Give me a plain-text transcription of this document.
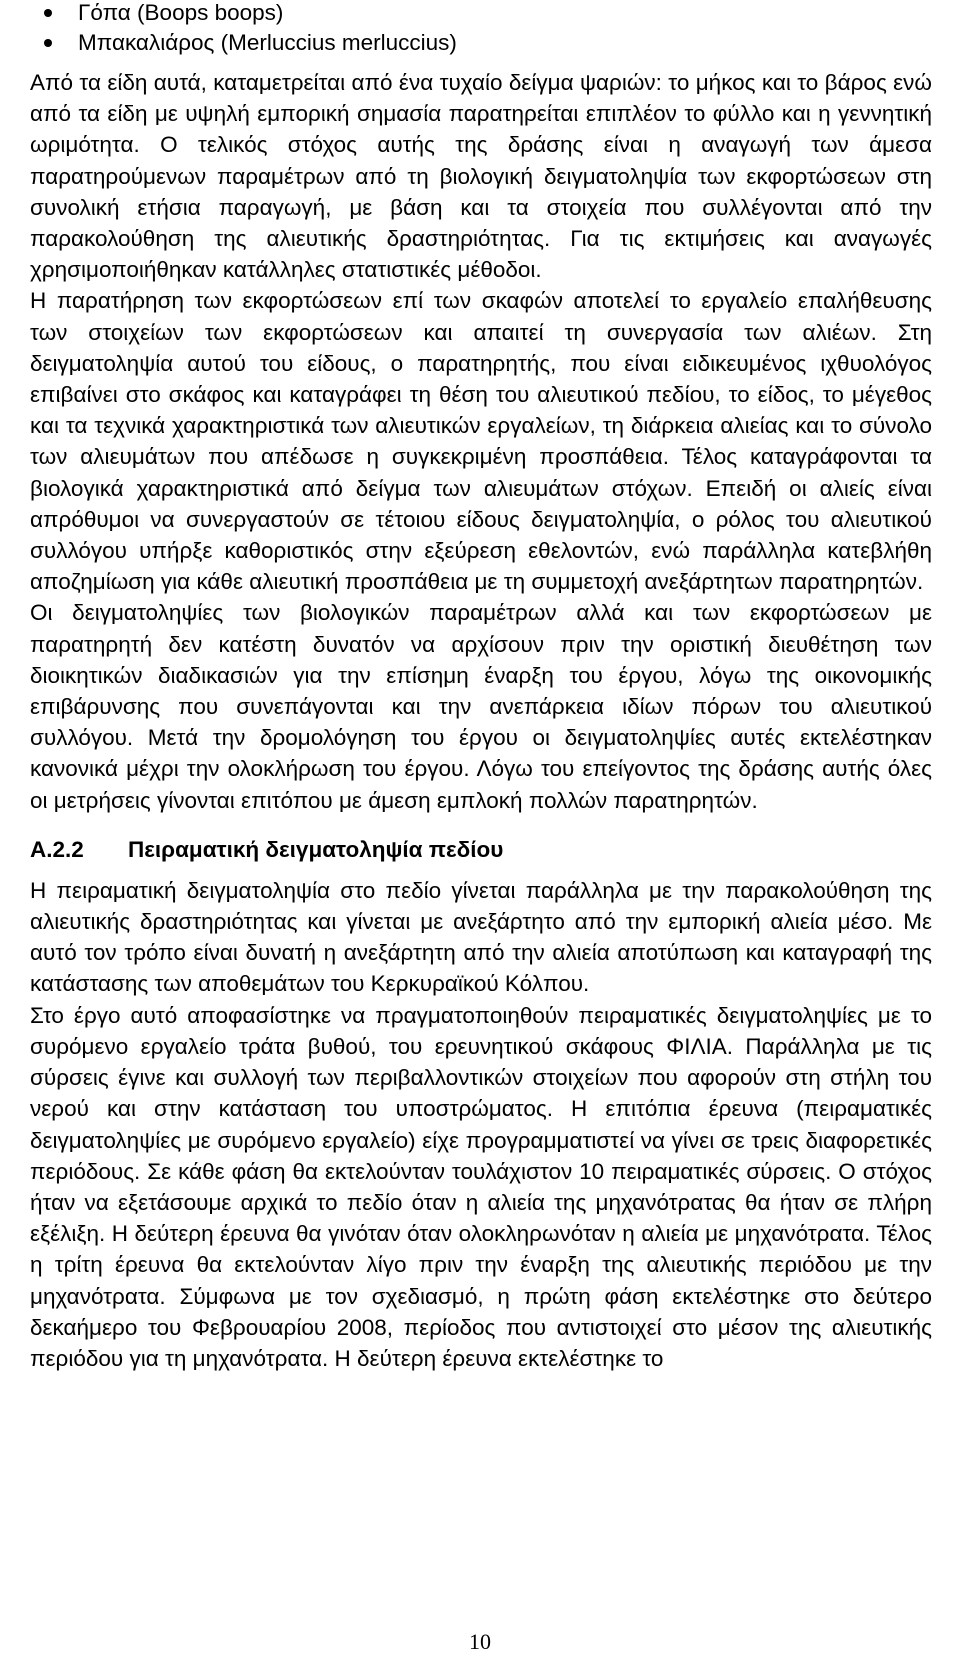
Γόπα (Boops boops)
Μπακαλιάρος (Merluccius merluccius)

Από τα είδη αυτά, καταμετρείται από ένα τυχαίο δείγμα ψαριών: το μήκος και το βάρος ενώ από τα είδη με υψηλή εμπορική σημασία παρατηρείται επιπλέον το φύλλο και η γεννητική ωριμότητα. Ο τελικός στόχος αυτής της δράσης είναι η αναγωγή των άμεσα παρατηρούμενων παραμέτρων από τη βιολογική δειγματοληψία των εκφορτώσεων στη συνολική ετήσια παραγωγή, με βάση και τα στοιχεία που συλλέγονται από την παρακολούθηση της αλιευτικής δραστηριότητας. Για τις εκτιμήσεις και αναγωγές χρησιμοποιήθηκαν κατάλληλες στατιστικές μέθοδοι.

Η παρατήρηση των εκφορτώσεων επί των σκαφών αποτελεί το εργαλείο επαλήθευσης των στοιχείων των εκφορτώσεων και απαιτεί τη συνεργασία των αλιέων. Στη δειγματοληψία αυτού του είδους, ο παρατηρητής, που είναι ειδικευμένος ιχθυολόγος επιβαίνει στο σκάφος και καταγράφει τη θέση του αλιευτικού πεδίου, το είδος, το μέγεθος και τα τεχνικά χαρακτηριστικά των αλιευτικών εργαλείων, τη διάρκεια αλιείας και το σύνολο των αλιευμάτων που απέδωσε η συγκεκριμένη προσπάθεια. Τέλος καταγράφονται τα βιολογικά χαρακτηριστικά από δείγμα των αλιευμάτων στόχων. Επειδή οι αλιείς είναι απρόθυμοι να συνεργαστούν σε τέτοιου είδους δειγματοληψία, ο ρόλος του αλιευτικού συλλόγου υπήρξε καθοριστικός στην εξεύρεση εθελοντών, ενώ παράλληλα κατεβλήθη αποζημίωση για κάθε αλιευτική προσπάθεια με τη συμμετοχή ανεξάρτητων παρατηρητών.

Οι δειγματοληψίες των βιολογικών παραμέτρων αλλά και των εκφορτώσεων με παρατηρητή δεν κατέστη δυνατόν να αρχίσουν πριν την οριστική διευθέτηση των διοικητικών διαδικασιών για την επίσημη έναρξη του έργου, λόγω της οικονομικής επιβάρυνσης που συνεπάγονται και την ανεπάρκεια ιδίων πόρων του αλιευτικού συλλόγου. Μετά την δρομολόγηση του έργου οι δειγματοληψίες αυτές εκτελέστηκαν κανονικά μέχρι την ολοκλήρωση του έργου. Λόγω του επείγοντος της δράσης αυτής όλες οι μετρήσεις γίνονται επιτόπου με άμεση εμπλοκή πολλών παρατηρητών.

Α.2.2	Πειραματική δειγματοληψία πεδίου

Η πειραματική δειγματοληψία στο πεδίο γίνεται παράλληλα με την παρακολούθηση της αλιευτικής δραστηριότητας και γίνεται με ανεξάρτητο από την εμπορική αλιεία μέσο. Με αυτό τον τρόπο είναι δυνατή η ανεξάρτητη από την αλιεία αποτύπωση και καταγραφή της κατάστασης των αποθεμάτων του Κερκυραϊκού Κόλπου.

Στο έργο αυτό αποφασίστηκε να πραγματοποιηθούν πειραματικές δειγματοληψίες με το συρόμενο εργαλείο τράτα βυθού, του ερευνητικού σκάφους ΦΙΛΙΑ. Παράλληλα με τις σύρσεις έγινε και συλλογή των περιβαλλοντικών στοιχείων που αφορούν στη στήλη του νερού και στην κατάσταση του υποστρώματος. Η επιτόπια έρευνα (πειραματικές δειγματοληψίες με συρόμενο εργαλείο) είχε προγραμματιστεί να γίνει σε τρεις διαφορετικές περιόδους. Σε κάθε φάση θα εκτελούνταν τουλάχιστον 10 πειραματικές σύρσεις. Ο στόχος ήταν να εξετάσουμε αρχικά το πεδίο όταν η αλιεία της μηχανότρατας θα ήταν σε πλήρη εξέλιξη. Η δεύτερη έρευνα θα γινόταν όταν ολοκληρωνόταν η αλιεία με μηχανότρατα. Τέλος η τρίτη έρευνα θα εκτελούνταν λίγο πριν την έναρξη της αλιευτικής περιόδου με την μηχανότρατα. Σύμφωνα με τον σχεδιασμό, η πρώτη φάση εκτελέστηκε στο δεύτερο δεκαήμερο του Φεβρουαρίου 2008, περίοδος που αντιστοιχεί στο μέσον της αλιευτικής περιόδου για τη μηχανότρατα. Η δεύτερη έρευνα εκτελέστηκε το

10
